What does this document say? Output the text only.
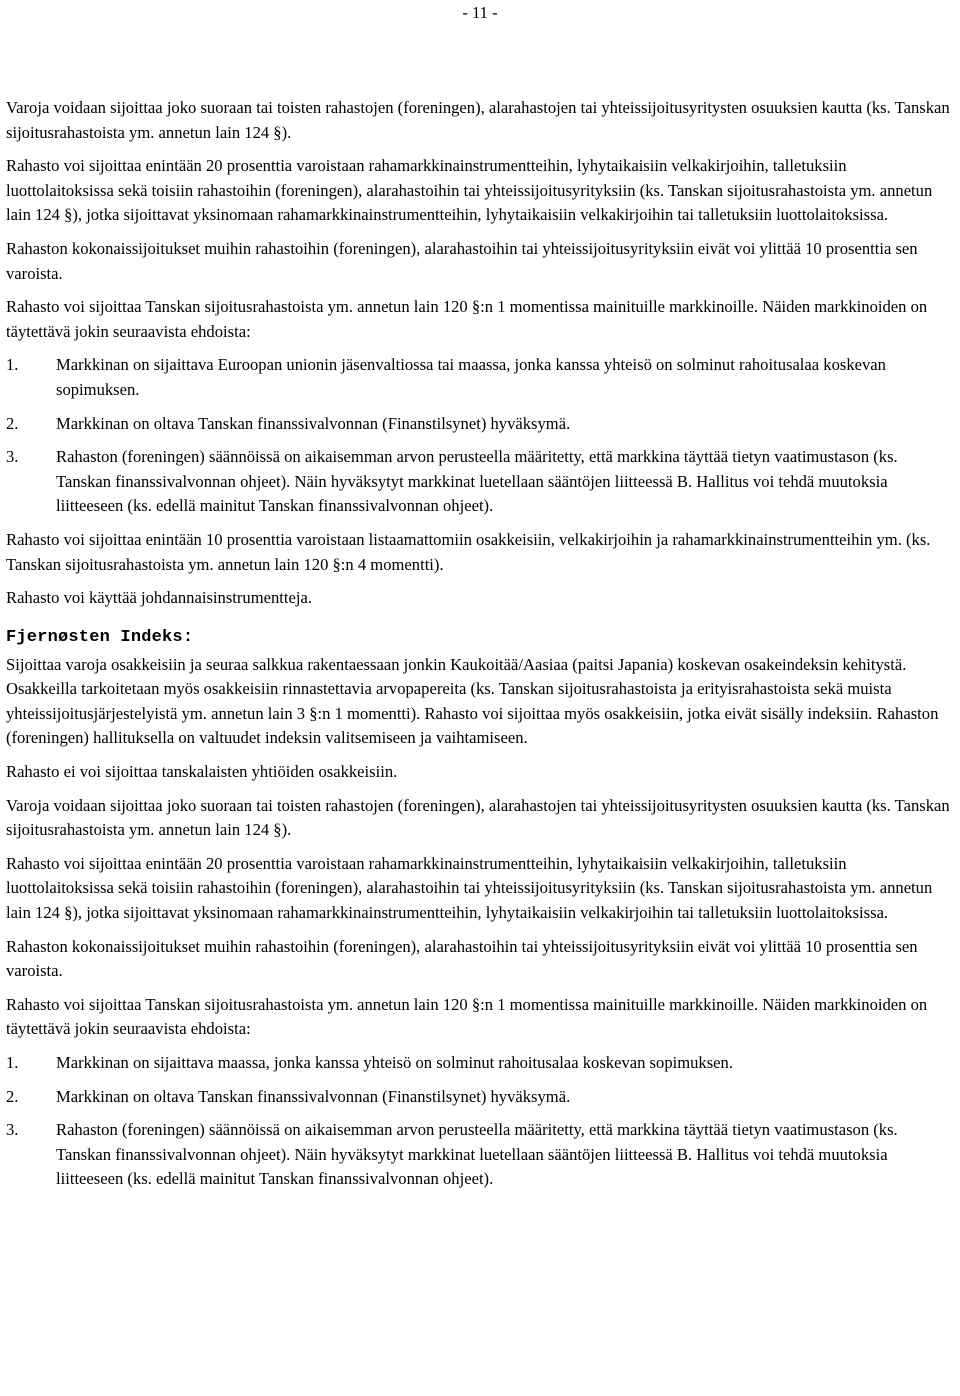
- 11 -

Varoja voidaan sijoittaa joko suoraan tai toisten rahastojen (foreningen), alarahastojen tai yhteissijoitusyritysten osuuksien kautta (ks. Tanskan sijoitusrahastoista ym. annetun lain 124 §).

Rahasto voi sijoittaa enintään 20 prosenttia varoistaan rahamarkkinainstrumentteihin, lyhytaikaisiin velkakirjoihin, talletuksiin luottolaitoksissa sekä toisiin rahastoihin (foreningen), alarahastoihin tai yhteissijoitusyrityksiin (ks. Tanskan sijoitusrahastoista ym. annetun lain 124 §), jotka sijoittavat yksinomaan rahamarkkinainstrumentteihin, lyhytaikaisiin velkakirjoihin tai talletuksiin luottolaitoksissa.

Rahaston kokonaissijoitukset muihin rahastoihin (foreningen), alarahastoihin tai yhteissijoitusyrityksiin eivät voi ylittää 10 prosenttia sen varoista.

Rahasto voi sijoittaa Tanskan sijoitusrahastoista ym. annetun lain 120 §:n 1 momentissa mainituille markkinoille. Näiden markkinoiden on täytettävä jokin seuraavista ehdoista:

1.	Markkinan on sijaittava Euroopan unionin jäsenvaltiossa tai maassa, jonka kanssa yhteisö on solminut rahoitusalaa koskevan sopimuksen.
2.	Markkinan on oltava Tanskan finanssivalvonnan (Finanstilsynet) hyväksymä.
3.	Rahaston (foreningen) säännöissä on aikaisemman arvon perusteella määritetty, että markkina täyttää tietyn vaatimustason (ks. Tanskan finanssivalvonnan ohjeet). Näin hyväksytyt markkinat luetellaan sääntöjen liitteessä B. Hallitus voi tehdä muutoksia liitteeseen (ks. edellä mainitut Tanskan finanssivalvonnan ohjeet).

Rahasto voi sijoittaa enintään 10 prosenttia varoistaan listaamattomiin osakkeisiin, velkakirjoihin ja rahamarkkinainstrumentteihin ym. (ks. Tanskan sijoitusrahastoista ym. annetun lain 120 §:n 4 momentti).

Rahasto voi käyttää johdannaisinstrumentteja.

Fjernøsten Indeks:

Sijoittaa varoja osakkeisiin ja seuraa salkkua rakentaessaan jonkin Kaukoitää/Aasiaa (paitsi Japania) koskevan osakeindeksin kehitystä. Osakkeilla tarkoitetaan myös osakkeisiin rinnastettavia arvopapereita (ks. Tanskan sijoitusrahastoista ja erityisrahastoista sekä muista yhteissijoitusjärjestelyistä ym. annetun lain 3 §:n 1 momentti). Rahasto voi sijoittaa myös osakkeisiin, jotka eivät sisälly indeksiin. Rahaston (foreningen) hallituksella on valtuudet indeksin valitsemiseen ja vaihtamiseen.

Rahasto ei voi sijoittaa tanskalaisten yhtiöiden osakkeisiin.

Varoja voidaan sijoittaa joko suoraan tai toisten rahastojen (foreningen), alarahastojen tai yhteissijoitusyritysten osuuksien kautta (ks. Tanskan sijoitusrahastoista ym. annetun lain 124 §).

Rahasto voi sijoittaa enintään 20 prosenttia varoistaan rahamarkkinainstrumentteihin, lyhytaikaisiin velkakirjoihin, talletuksiin luottolaitoksissa sekä toisiin rahastoihin (foreningen), alarahastoihin tai yhteissijoitusyrityksiin (ks. Tanskan sijoitusrahastoista ym. annetun lain 124 §), jotka sijoittavat yksinomaan rahamarkkinainstrumentteihin, lyhytaikaisiin velkakirjoihin tai talletuksiin luottolaitoksissa.

Rahaston kokonaissijoitukset muihin rahastoihin (foreningen), alarahastoihin tai yhteissijoitusyrityksiin eivät voi ylittää 10 prosenttia sen varoista.

Rahasto voi sijoittaa Tanskan sijoitusrahastoista ym. annetun lain 120 §:n 1 momentissa mainituille markkinoille. Näiden markkinoiden on täytettävä jokin seuraavista ehdoista:

1.	Markkinan on sijaittava maassa, jonka kanssa yhteisö on solminut rahoitusalaa koskevan sopimuksen.
2.	Markkinan on oltava Tanskan finanssivalvonnan (Finanstilsynet) hyväksymä.
3.	Rahaston (foreningen) säännöissä on aikaisemman arvon perusteella määritetty, että markkina täyttää tietyn vaatimustason (ks. Tanskan finanssivalvonnan ohjeet). Näin hyväksytyt markkinat luetellaan sääntöjen liitteessä B. Hallitus voi tehdä muutoksia liitteeseen (ks. edellä mainitut Tanskan finanssivalvonnan ohjeet).
